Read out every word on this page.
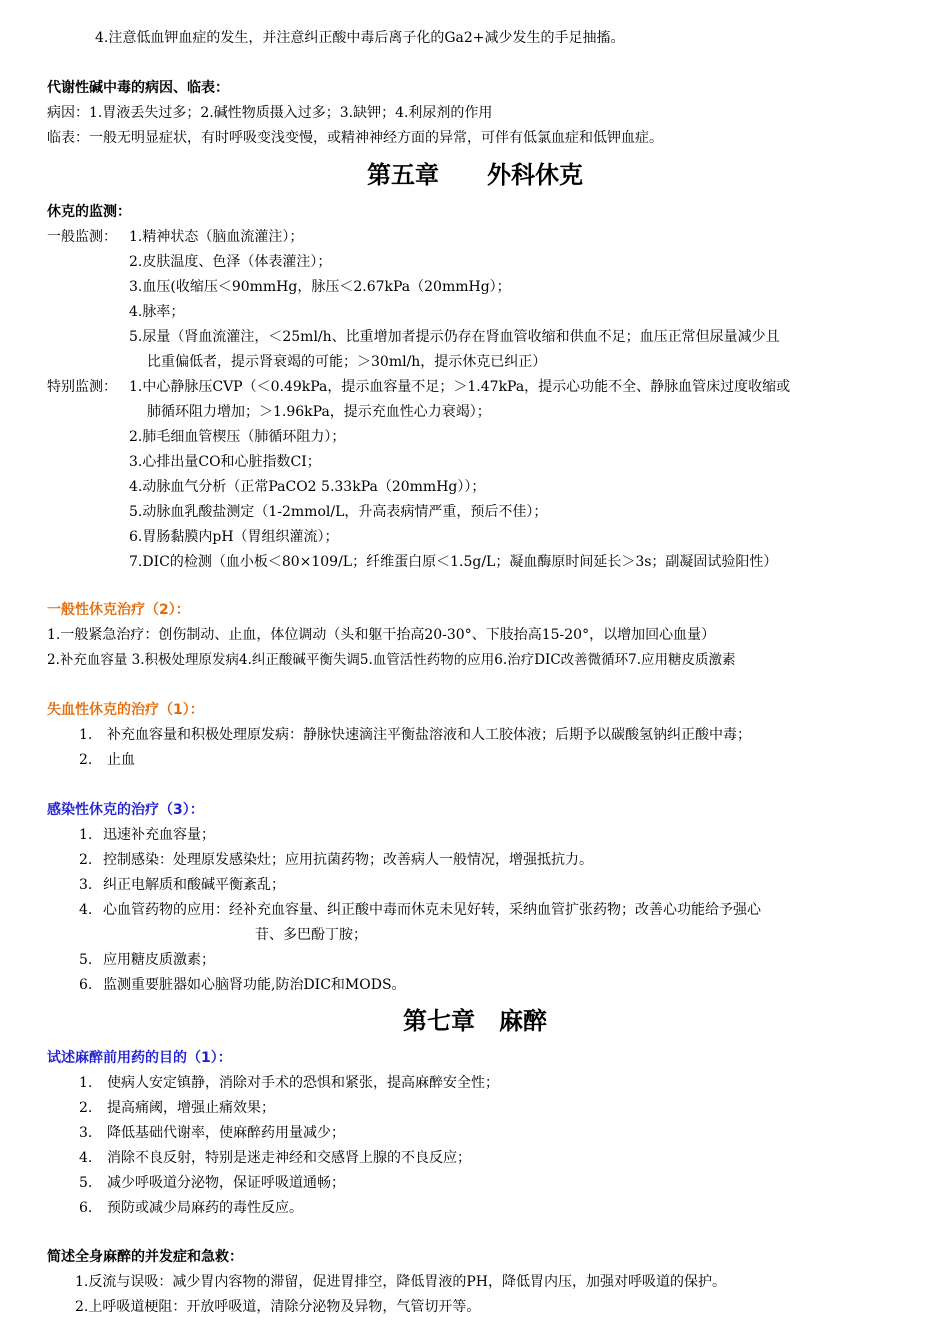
4.注意低血钾血症的发生，并注意纠正酸中毒后离子化的Ga2+减少发生的手足抽搐。
代谢性碱中毒的病因、临表：
病因：1.胃液丢失过多；2.碱性物质摄入过多；3.缺钾；4.利尿剂的作用
临表：一般无明显症状，有时呼吸变浅变慢，或精神神经方面的异常，可伴有低氯血症和低钾血症。
第五章　　外科休克
休克的监测：
一般监测： 1.精神状态（脑血流灌注）；
2.皮肤温度、色泽（体表灌注）；
3.血压(收缩压＜90mmHg，脉压＜2.67kPa（20mmHg）；
4.脉率；
5.尿量（肾血流灌注，＜25ml/h、比重增加者提示仍存在肾血管收缩和供血不足；血压正常但尿量减少且
比重偏低者，提示肾衰竭的可能；＞30ml/h，提示休克已纠正）
特别监测： 1.中心静脉压CVP（＜0.49kPa，提示血容量不足；＞1.47kPa，提示心功能不全、静脉血管床过度收缩或
肺循环阻力增加；＞1.96kPa，提示充血性心力衰竭）；
2.肺毛细血管楔压（肺循环阻力）；
3.心排出量CO和心脏指数CI；
4.动脉血气分析（正常PaCO2 5.33kPa（20mmHg））；
5.动脉血乳酸盐测定（1-2mmol/L，升高表病情严重，预后不佳）；
6.胃肠黏膜内pH（胃组织灌流）；
7.DIC的检测（血小板＜80×109/L；纤维蛋白原＜1.5g/L；凝血酶原时间延长＞3s；副凝固试验阳性）
一般性休克治疗（2）：
1.一般紧急治疗：创伤制动、止血，体位调动（头和躯干抬高20-30°、下肢抬高15-20°，以增加回心血量）
2.补充血容量 3.积极处理原发病4.纠正酸碱平衡失调5.血管活性药物的应用6.治疗DIC改善微循环7.应用糖皮质激素
失血性休克的治疗（1）：
1. 补充血容量和积极处理原发病：静脉快速滴注平衡盐溶液和人工胶体液；后期予以碳酸氢钠纠正酸中毒；
2. 止血
感染性休克的治疗（3）：
1. 迅速补充血容量；
2. 控制感染：处理原发感染灶；应用抗菌药物；改善病人一般情况，增强抵抗力。
3. 纠正电解质和酸碱平衡紊乱；
4. 心血管药物的应用：经补充血容量、纠正酸中毒而休克未见好转，采纳血管扩张药物；改善心功能给予强心
苷、多巴酚丁胺；
5. 应用糖皮质激素；
6. 监测重要脏器如心脑肾功能,防治DIC和MODS。
第七章　麻醉
试述麻醉前用药的目的（1）：
1. 使病人安定镇静，消除对手术的恐惧和紧张，提高麻醉安全性；
2. 提高痛阈，增强止痛效果；
3. 降低基础代谢率，使麻醉药用量减少；
4. 消除不良反射，特别是迷走神经和交感肾上腺的不良反应；
5. 减少呼吸道分泌物，保证呼吸道通畅；
6. 预防或减少局麻药的毒性反应。
简述全身麻醉的并发症和急救：
1.反流与误吸：减少胃内容物的滞留，促进胃排空，降低胃液的PH，降低胃内压，加强对呼吸道的保护。
2.上呼吸道梗阻：开放呼吸道，清除分泌物及异物，气管切开等。
